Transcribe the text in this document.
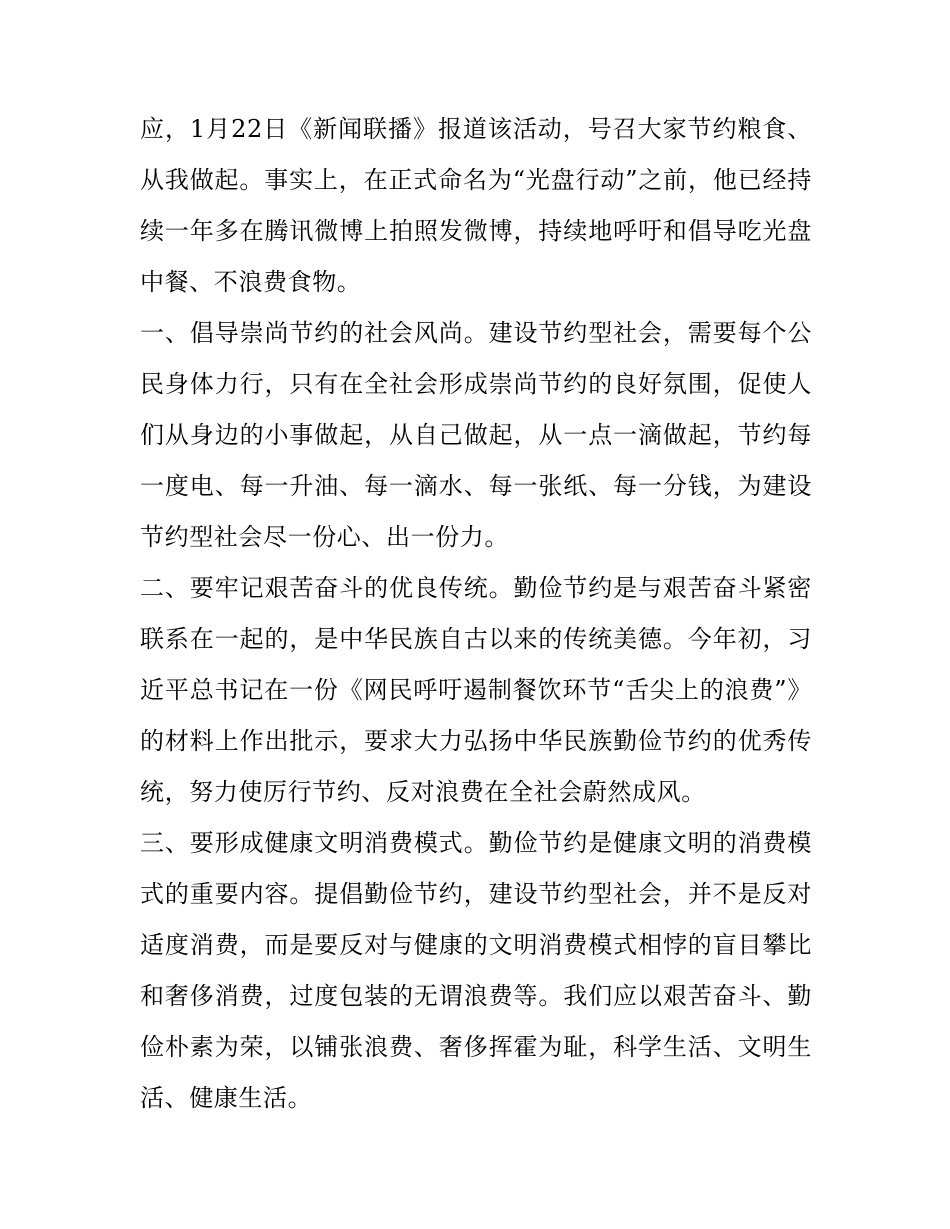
应，1月22日《新闻联播》报道该活动，号召大家节约粮食、从我做起。事实上，在正式命名为“光盘行动”之前，他已经持续一年多在腾讯微博上拍照发微博，持续地呼吁和倡导吃光盘中餐、不浪费食物。

一、倡导崇尚节约的社会风尚。建设节约型社会，需要每个公民身体力行，只有在全社会形成崇尚节约的良好氛围，促使人们从身边的小事做起，从自己做起，从一点一滴做起，节约每一度电、每一升油、每一滴水、每一张纸、每一分钱，为建设节约型社会尽一份心、出一份力。

二、要牢记艰苦奋斗的优良传统。勤俭节约是与艰苦奋斗紧密联系在一起的，是中华民族自古以来的传统美德。今年初，习近平总书记在一份《网民呼吁遏制餐饮环节“舌尖上的浪费”》的材料上作出批示，要求大力弘扬中华民族勤俭节约的优秀传统，努力使厉行节约、反对浪费在全社会蔚然成风。

三、要形成健康文明消费模式。勤俭节约是健康文明的消费模式的重要内容。提倡勤俭节约，建设节约型社会，并不是反对适度消费，而是要反对与健康的文明消费模式相悖的盲目攀比和奢侈消费，过度包装的无谓浪费等。我们应以艰苦奋斗、勤俭朴素为荣，以铺张浪费、奢侈挥霍为耻，科学生活、文明生活、健康生活。
